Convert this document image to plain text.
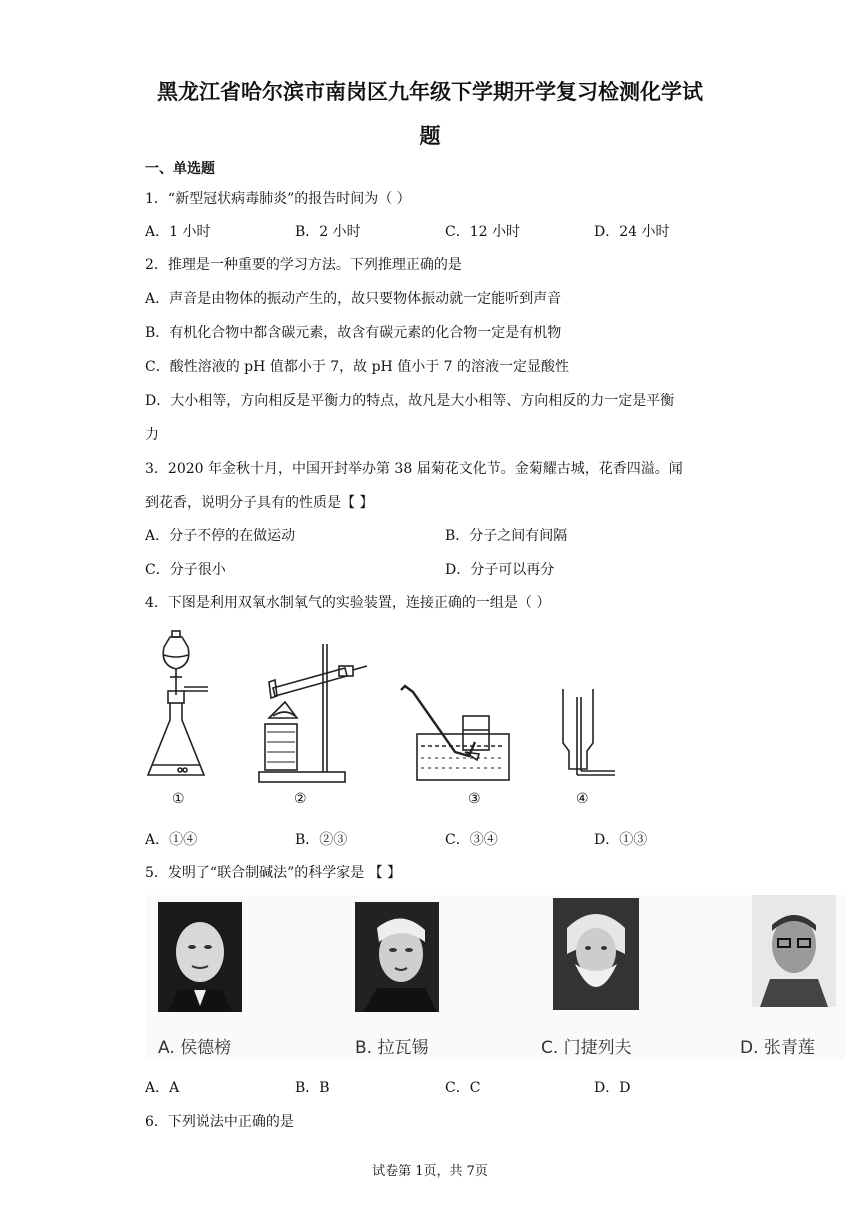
黑龙江省哈尔滨市南岗区九年级下学期开学复习检测化学试
题
一、单选题
1．“新型冠状病毒肺炎”的报告时间为（ ）
A．1 小时	B．2 小时	C．12 小时	D．24 小时
2．推理是一种重要的学习方法。下列推理正确的是
A．声音是由物体的振动产生的，故只要物体振动就一定能听到声音
B．有机化合物中都含碳元素，故含有碳元素的化合物一定是有机物
C．酸性溶液的 pH 值都小于 7，故 pH 值小于 7 的溶液一定显酸性
D．大小相等，方向相反是平衡力的特点，故凡是大小相等、方向相反的力一定是平衡
力
3．2020 年金秋十月，中国开封举办第 38 届菊花文化节。金菊耀古城，花香四溢。闻
到花香，说明分子具有的性质是【 】
A．分子不停的在做运动	B．分子之间有间隔
C．分子很小	D．分子可以再分
4．下图是利用双氧水制氧气的实验装置，连接正确的一组是（ ）
①	②	③	④
A．①④	B．②③	C．③④	D．①③
5．发明了“联合制碱法”的科学家是 【 】
A. 侯德榜	B. 拉瓦锡	C. 门捷列夫	D. 张青莲
A．A	B．B	C．C	D．D
6．下列说法中正确的是
试卷第 1页，共 7页
